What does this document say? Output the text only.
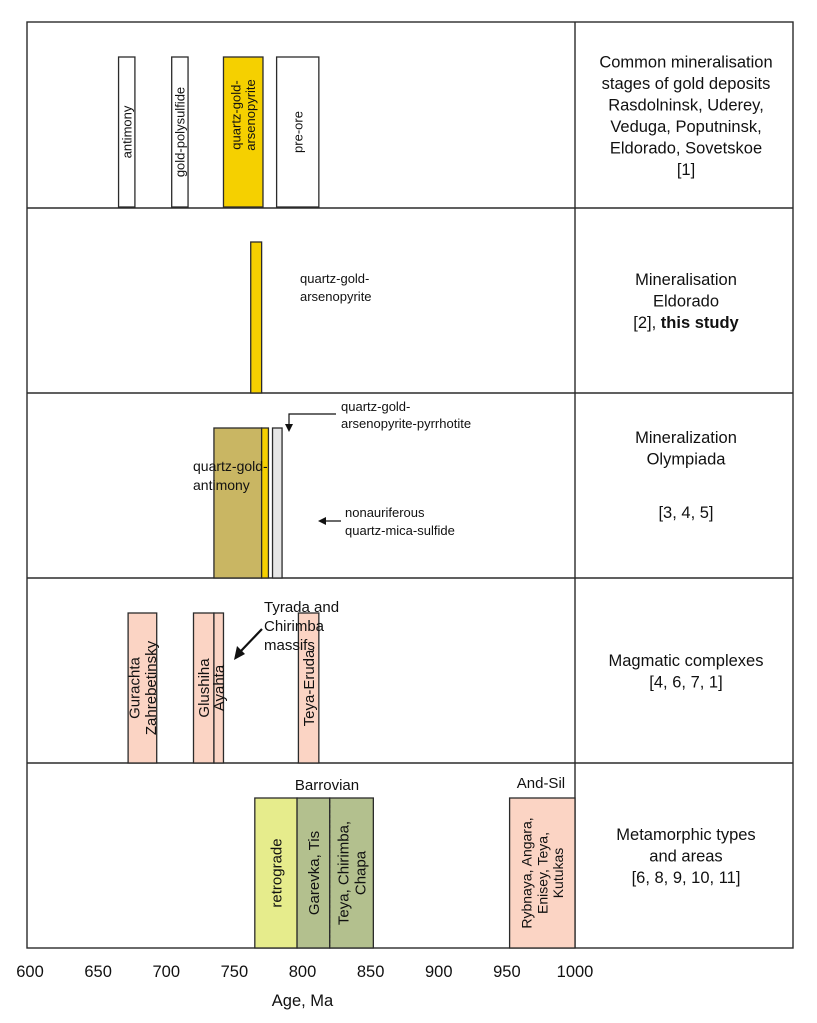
antimony	gold-polysulfide	quartz-gold- arsenopyrite pre-ore
Gurachta Zahrebetinsky Glushiha
Ayahta	Teya-Eruda
retrograde Garevka, Tis Teya, Chirimba, Chapa	Rybnaya, Angara, Enisey, Teya, Kutukas
quartz-gold-
arsenopyrite
quartz-gold-
antimony
quartz-gold-
arsenopyrite-pyrrhotite
nonauriferous
quartz-mica-sulfide
Tyrada and
Chirimba
massifs
Barrovian	And-Sil
Common mineralisation
stages of gold deposits
Rasdolninsk, Uderey,
Veduga, Poputninsk,
Eldorado, Sovetskoe
[1]
Mineralisation
Eldorado
[2], this study
Mineralization
Olympiada
[3, 4, 5]
Magmatic complexes
[4, 6, 7, 1]
Metamorphic types
and areas
[6, 8, 9, 10, 11]
600 650 700 750 800 850 900 950 1000
Age, Ma
